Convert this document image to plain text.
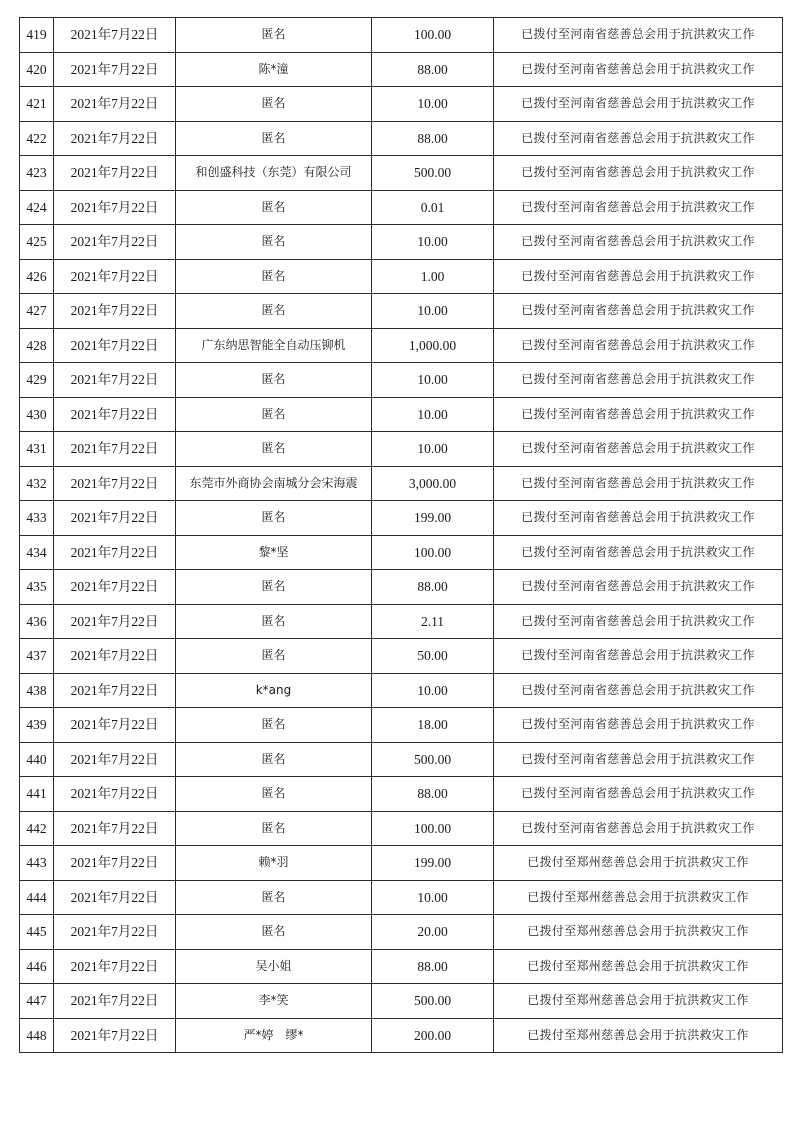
419	2021年7月22日	匿名	100.00	已拨付至河南省慈善总会用于抗洪救灾工作
420	2021年7月22日	陈*潼	88.00	已拨付至河南省慈善总会用于抗洪救灾工作
421	2021年7月22日	匿名	10.00	已拨付至河南省慈善总会用于抗洪救灾工作
422	2021年7月22日	匿名	88.00	已拨付至河南省慈善总会用于抗洪救灾工作
423	2021年7月22日	和创盛科技（东莞）有限公司	500.00	已拨付至河南省慈善总会用于抗洪救灾工作
424	2021年7月22日	匿名	0.01	已拨付至河南省慈善总会用于抗洪救灾工作
425	2021年7月22日	匿名	10.00	已拨付至河南省慈善总会用于抗洪救灾工作
426	2021年7月22日	匿名	1.00	已拨付至河南省慈善总会用于抗洪救灾工作
427	2021年7月22日	匿名	10.00	已拨付至河南省慈善总会用于抗洪救灾工作
428	2021年7月22日	广东纳思智能全自动压铆机	1,000.00	已拨付至河南省慈善总会用于抗洪救灾工作
429	2021年7月22日	匿名	10.00	已拨付至河南省慈善总会用于抗洪救灾工作
430	2021年7月22日	匿名	10.00	已拨付至河南省慈善总会用于抗洪救灾工作
431	2021年7月22日	匿名	10.00	已拨付至河南省慈善总会用于抗洪救灾工作
432	2021年7月22日	东莞市外商协会南城分会宋海震	3,000.00	已拨付至河南省慈善总会用于抗洪救灾工作
433	2021年7月22日	匿名	199.00	已拨付至河南省慈善总会用于抗洪救灾工作
434	2021年7月22日	黎*坚	100.00	已拨付至河南省慈善总会用于抗洪救灾工作
435	2021年7月22日	匿名	88.00	已拨付至河南省慈善总会用于抗洪救灾工作
436	2021年7月22日	匿名	2.11	已拨付至河南省慈善总会用于抗洪救灾工作
437	2021年7月22日	匿名	50.00	已拨付至河南省慈善总会用于抗洪救灾工作
438	2021年7月22日	k*ang	10.00	已拨付至河南省慈善总会用于抗洪救灾工作
439	2021年7月22日	匿名	18.00	已拨付至河南省慈善总会用于抗洪救灾工作
440	2021年7月22日	匿名	500.00	已拨付至河南省慈善总会用于抗洪救灾工作
441	2021年7月22日	匿名	88.00	已拨付至河南省慈善总会用于抗洪救灾工作
442	2021年7月22日	匿名	100.00	已拨付至河南省慈善总会用于抗洪救灾工作
443	2021年7月22日	赖*羽	199.00	已拨付至郑州慈善总会用于抗洪救灾工作
444	2021年7月22日	匿名	10.00	已拨付至郑州慈善总会用于抗洪救灾工作
445	2021年7月22日	匿名	20.00	已拨付至郑州慈善总会用于抗洪救灾工作
446	2021年7月22日	吴小姐	88.00	已拨付至郑州慈善总会用于抗洪救灾工作
447	2021年7月22日	李*笑	500.00	已拨付至郑州慈善总会用于抗洪救灾工作
448	2021年7月22日	严*婷　缪*	200.00	已拨付至郑州慈善总会用于抗洪救灾工作
